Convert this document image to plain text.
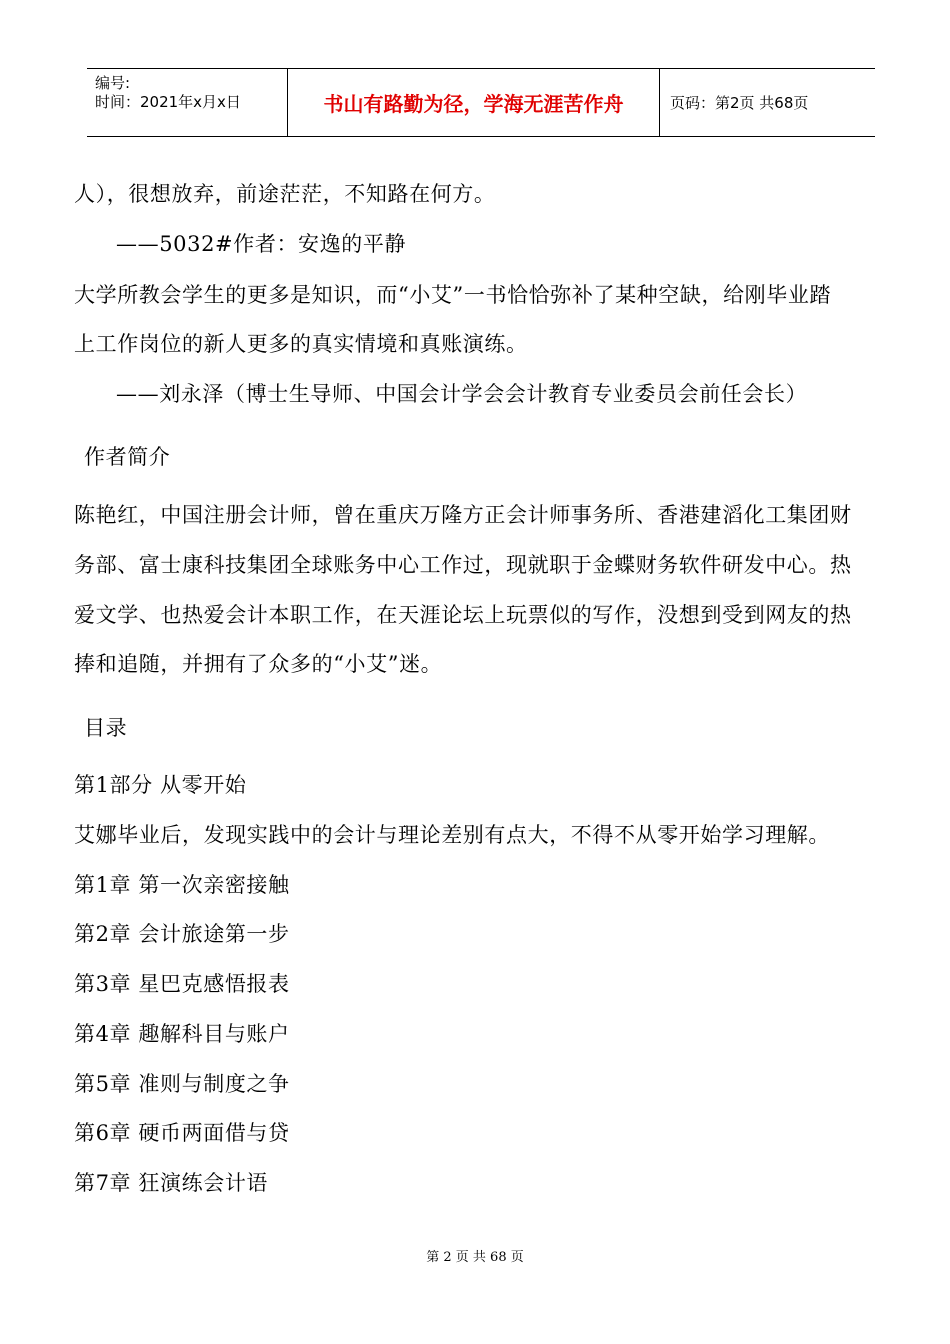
编号:
时间：2021年x月x日	书山有路勤为径，学海无涯苦作舟	页码：第2页 共68页
人），很想放弃，前途茫茫，不知路在何方。
——5032#作者：安逸的平静
大学所教会学生的更多是知识，而“小艾”一书恰恰弥补了某种空缺，给刚毕业踏
上工作岗位的新人更多的真实情境和真账演练。
——刘永泽（博士生导师、中国会计学会会计教育专业委员会前任会长）
作者简介
陈艳红，中国注册会计师，曾在重庆万隆方正会计师事务所、香港建滔化工集团财
务部、富士康科技集团全球账务中心工作过，现就职于金蝶财务软件研发中心。热
爱文学、也热爱会计本职工作，在天涯论坛上玩票似的写作，没想到受到网友的热
捧和追随，并拥有了众多的“小艾”迷。
目录
第1部分 从零开始
艾娜毕业后，发现实践中的会计与理论差别有点大，不得不从零开始学习理解。
第1章 第一次亲密接触
第2章 会计旅途第一步
第3章 星巴克感悟报表
第4章 趣解科目与账户
第5章 准则与制度之争
第6章 硬币两面借与贷
第7章 狂演练会计语
第 2 页 共 68 页
